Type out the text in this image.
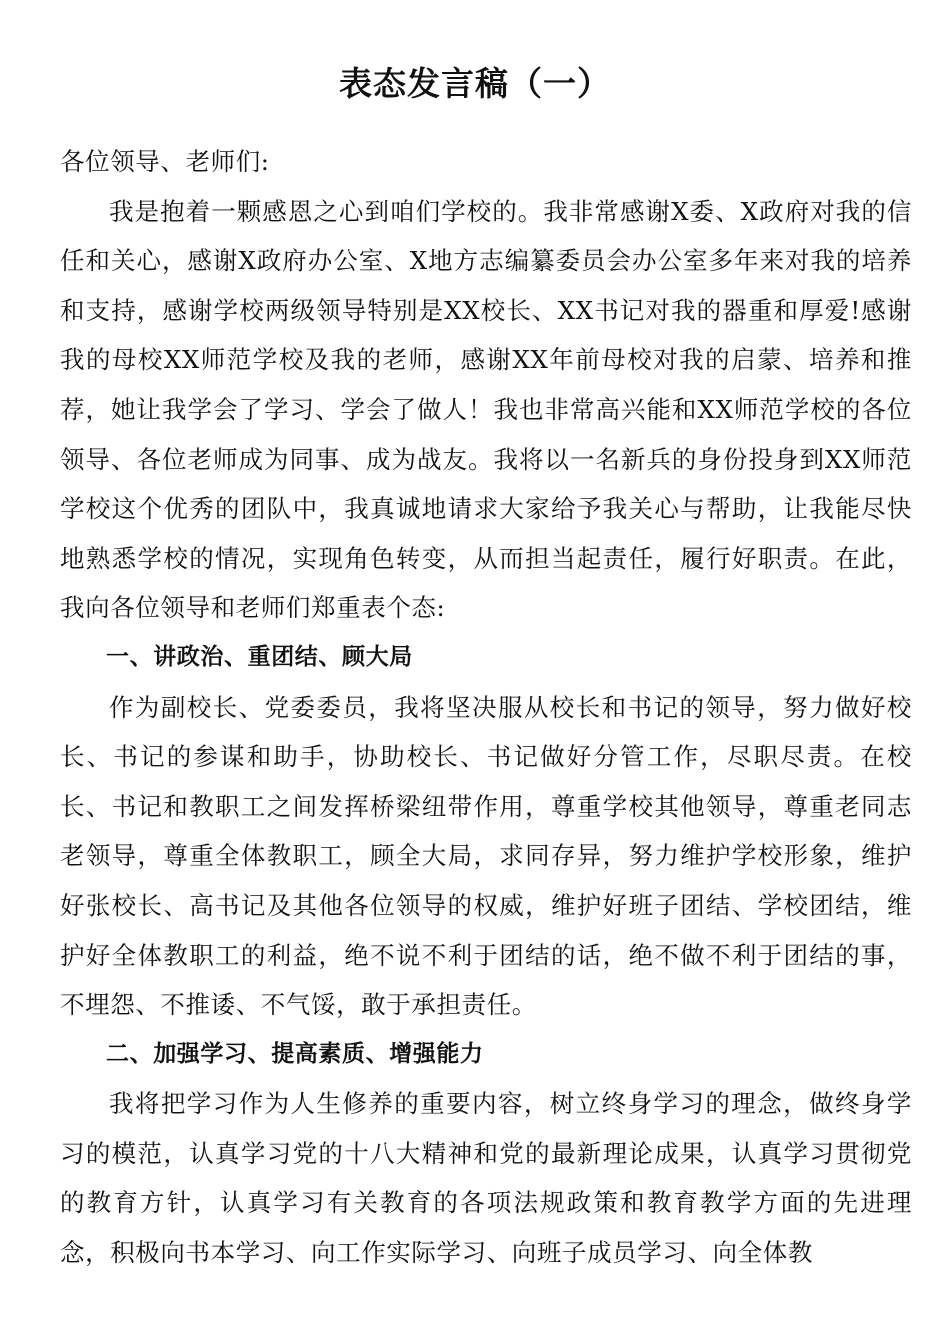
表态发言稿（一）

各位领导、老师们:

我是抱着一颗感恩之心到咱们学校的。我非常感谢X委、X政府对我的信任和关心，感谢X政府办公室、X地方志编纂委员会办公室多年来对我的培养和支持，感谢学校两级领导特别是XX校长、XX书记对我的器重和厚爱!感谢我的母校XX师范学校及我的老师，感谢XX年前母校对我的启蒙、培养和推荐，她让我学会了学习、学会了做人！我也非常高兴能和XX师范学校的各位领导、各位老师成为同事、成为战友。我将以一名新兵的身份投身到XX师范学校这个优秀的团队中，我真诚地请求大家给予我关心与帮助，让我能尽快地熟悉学校的情况，实现角色转变，从而担当起责任，履行好职责。在此，我向各位领导和老师们郑重表个态:

一、讲政治、重团结、顾大局

作为副校长、党委委员，我将坚决服从校长和书记的领导，努力做好校长、书记的参谋和助手，协助校长、书记做好分管工作，尽职尽责。在校长、书记和教职工之间发挥桥梁纽带作用，尊重学校其他领导，尊重老同志老领导，尊重全体教职工，顾全大局，求同存异，努力维护学校形象，维护好张校长、高书记及其他各位领导的权威，维护好班子团结、学校团结，维护好全体教职工的利益，绝不说不利于团结的话，绝不做不利于团结的事，不埋怨、不推诿、不气馁，敢于承担责任。

二、加强学习、提高素质、增强能力

我将把学习作为人生修养的重要内容，树立终身学习的理念，做终身学习的模范，认真学习党的十八大精神和党的最新理论成果，认真学习贯彻党的教育方针，认真学习有关教育的各项法规政策和教育教学方面的先进理念，积极向书本学习、向工作实际学习、向班子成员学习、向全体教
